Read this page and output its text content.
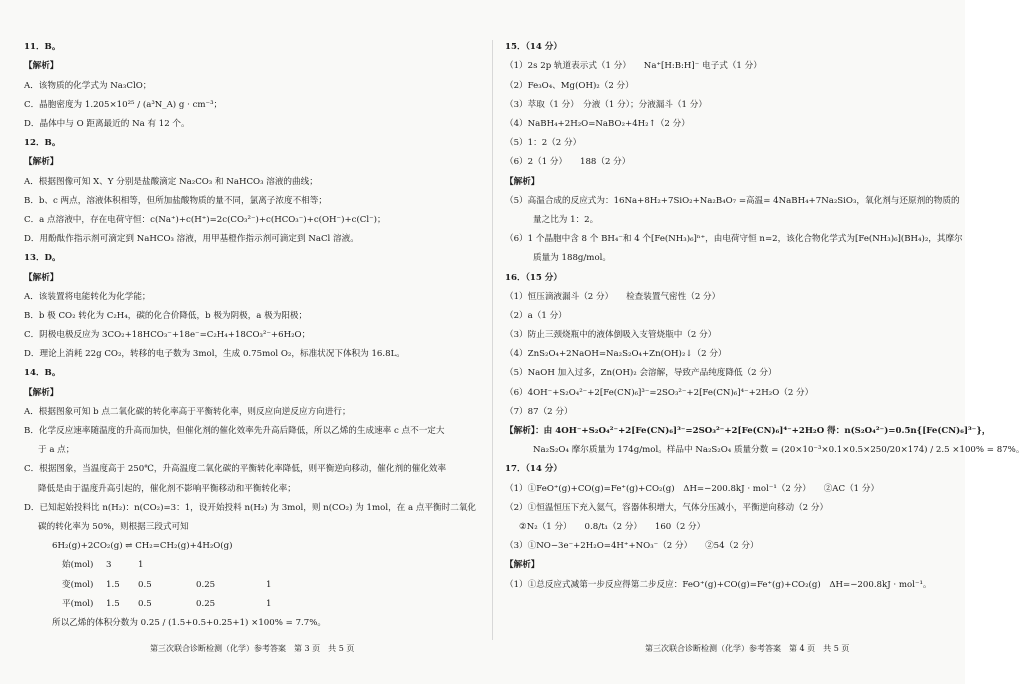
11．B。
【解析】
A．该物质的化学式为 Na₃ClO；
C．晶胞密度为 1.205×10²⁵ / (a³N_A) g · cm⁻³；
D．晶体中与 O 距离最近的 Na 有 12 个。
12．B。
【解析】
A．根据图像可知 X、Y 分别是盐酸滴定 Na₂CO₃ 和 NaHCO₃ 溶液的曲线；
B．b、c 两点，溶液体积相等，但所加盐酸物质的量不同，氯离子浓度不相等；
C．a 点溶液中，存在电荷守恒：c(Na⁺)+c(H⁺)=2c(CO₃²⁻)+c(HCO₃⁻)+c(OH⁻)+c(Cl⁻)；
D．用酚酞作指示剂可滴定到 NaHCO₃ 溶液，用甲基橙作指示剂可滴定到 NaCl 溶液。
13．D。
【解析】
A．该装置将电能转化为化学能；
B．b 极 CO₂ 转化为 C₂H₄，碳的化合价降低，b 极为阴极，a 极为阳极；
C．阴极电极反应为 3CO₂+18HCO₃⁻+18e⁻=C₂H₄+18CO₃²⁻+6H₂O；
D．理论上消耗 22g CO₂，转移的电子数为 3mol，生成 0.75mol O₂，标准状况下体积为 16.8L。
14．B。
【解析】
A．根据图象可知 b 点二氧化碳的转化率高于平衡转化率，则反应向逆反应方向进行；
B．化学反应速率随温度的升高而加快，但催化剂的催化效率先升高后降低，所以乙烯的生成速率 c 点不一定大
于 a 点；
C．根据图象，当温度高于 250℃，升高温度二氧化碳的平衡转化率降低，则平衡逆向移动，催化剂的催化效率
降低是由于温度升高引起的，催化剂不影响平衡移动和平衡转化率；
D．已知起始投料比 n(H₂)：n(CO₂)=3：1，设开始投料 n(H₂) 为 3mol，则 n(CO₂) 为 1mol，在 a 点平衡时二氧化
碳的转化率为 50%，则根据三段式可知
6H₂(g)+2CO₂(g) ⇌ CH₂=CH₂(g)+4H₂O(g)
始(mol)	3	1
变(mol)	1.5	0.5	0.25	1
平(mol)	1.5	0.5	0.25	1
所以乙烯的体积分数为 0.25 / (1.5+0.5+0.25+1) ×100% = 7.7%。
15．（14 分）
（1）2s 2p 轨道表示式（1 分）　　Na⁺[H:B:H]⁻ 电子式（1 分）
（2）Fe₃O₄、Mg(OH)₂（2 分）
（3）萃取（1 分）　分液（1 分）；分液漏斗（1 分）
（4）NaBH₄+2H₂O=NaBO₂+4H₂↑（2 分）
（5）1：2（2 分）
（6）2（1 分）　　188（2 分）
【解析】
（5）高温合成的反应式为：16Na+8H₂+7SiO₂+Na₂B₄O₇ =高温= 4NaBH₄+7Na₂SiO₃，氧化剂与还原剂的物质的
量之比为 1：2。
（6）1 个晶胞中含 8 个 BH₄⁻和 4 个[Fe(NH₃)₆]ⁿ⁺，由电荷守恒 n=2，该化合物化学式为[Fe(NH₃)₆](BH₄)₂，其摩尔
质量为 188g/mol。
16．（15 分）
（1）恒压滴液漏斗（2 分）　　检查装置气密性（2 分）
（2）a（1 分）
（3）防止三颈烧瓶中的液体倒吸入支管烧瓶中（2 分）
（4）ZnS₂O₄+2NaOH=Na₂S₂O₄+Zn(OH)₂↓（2 分）
（5）NaOH 加入过多，Zn(OH)₂ 会溶解，导致产品纯度降低（2 分）
（6）4OH⁻+S₂O₄²⁻+2[Fe(CN)₆]³⁻=2SO₃²⁻+2[Fe(CN)₆]⁴⁻+2H₂O（2 分）
（7）87（2 分）
【解析】：由 4OH⁻+S₂O₄²⁻+2[Fe(CN)₆]³⁻=2SO₃²⁻+2[Fe(CN)₆]⁴⁻+2H₂O 得：n(S₂O₄²⁻)=0.5n{[Fe(CN)₆]³⁻}，
Na₂S₂O₄ 摩尔质量为 174g/mol。样品中 Na₂S₂O₄ 质量分数 = (20×10⁻³×0.1×0.5×250/20×174) / 2.5 ×100% = 87%。
17．（14 分）
（1）①FeO⁺(g)+CO(g)=Fe⁺(g)+CO₂(g)　ΔH=−200.8kJ · mol⁻¹（2 分）　　②AC（1 分）
（2）①恒温恒压下充入氦气，容器体积增大，气体分压减小，平衡逆向移动（2 分）
②N₂（1 分）　　0.8/t₁（2 分）　　160（2 分）
（3）①NO−3e⁻+2H₂O=4H⁺+NO₃⁻（2 分）　　②54（2 分）
【解析】
（1）①总反应式减第一步反应得第二步反应：FeO⁺(g)+CO(g)=Fe⁺(g)+CO₂(g)　ΔH=−200.8kJ · mol⁻¹。
第三次联合诊断检测（化学）参考答案　第 3 页　共 5 页	第三次联合诊断检测（化学）参考答案　第 4 页　共 5 页
